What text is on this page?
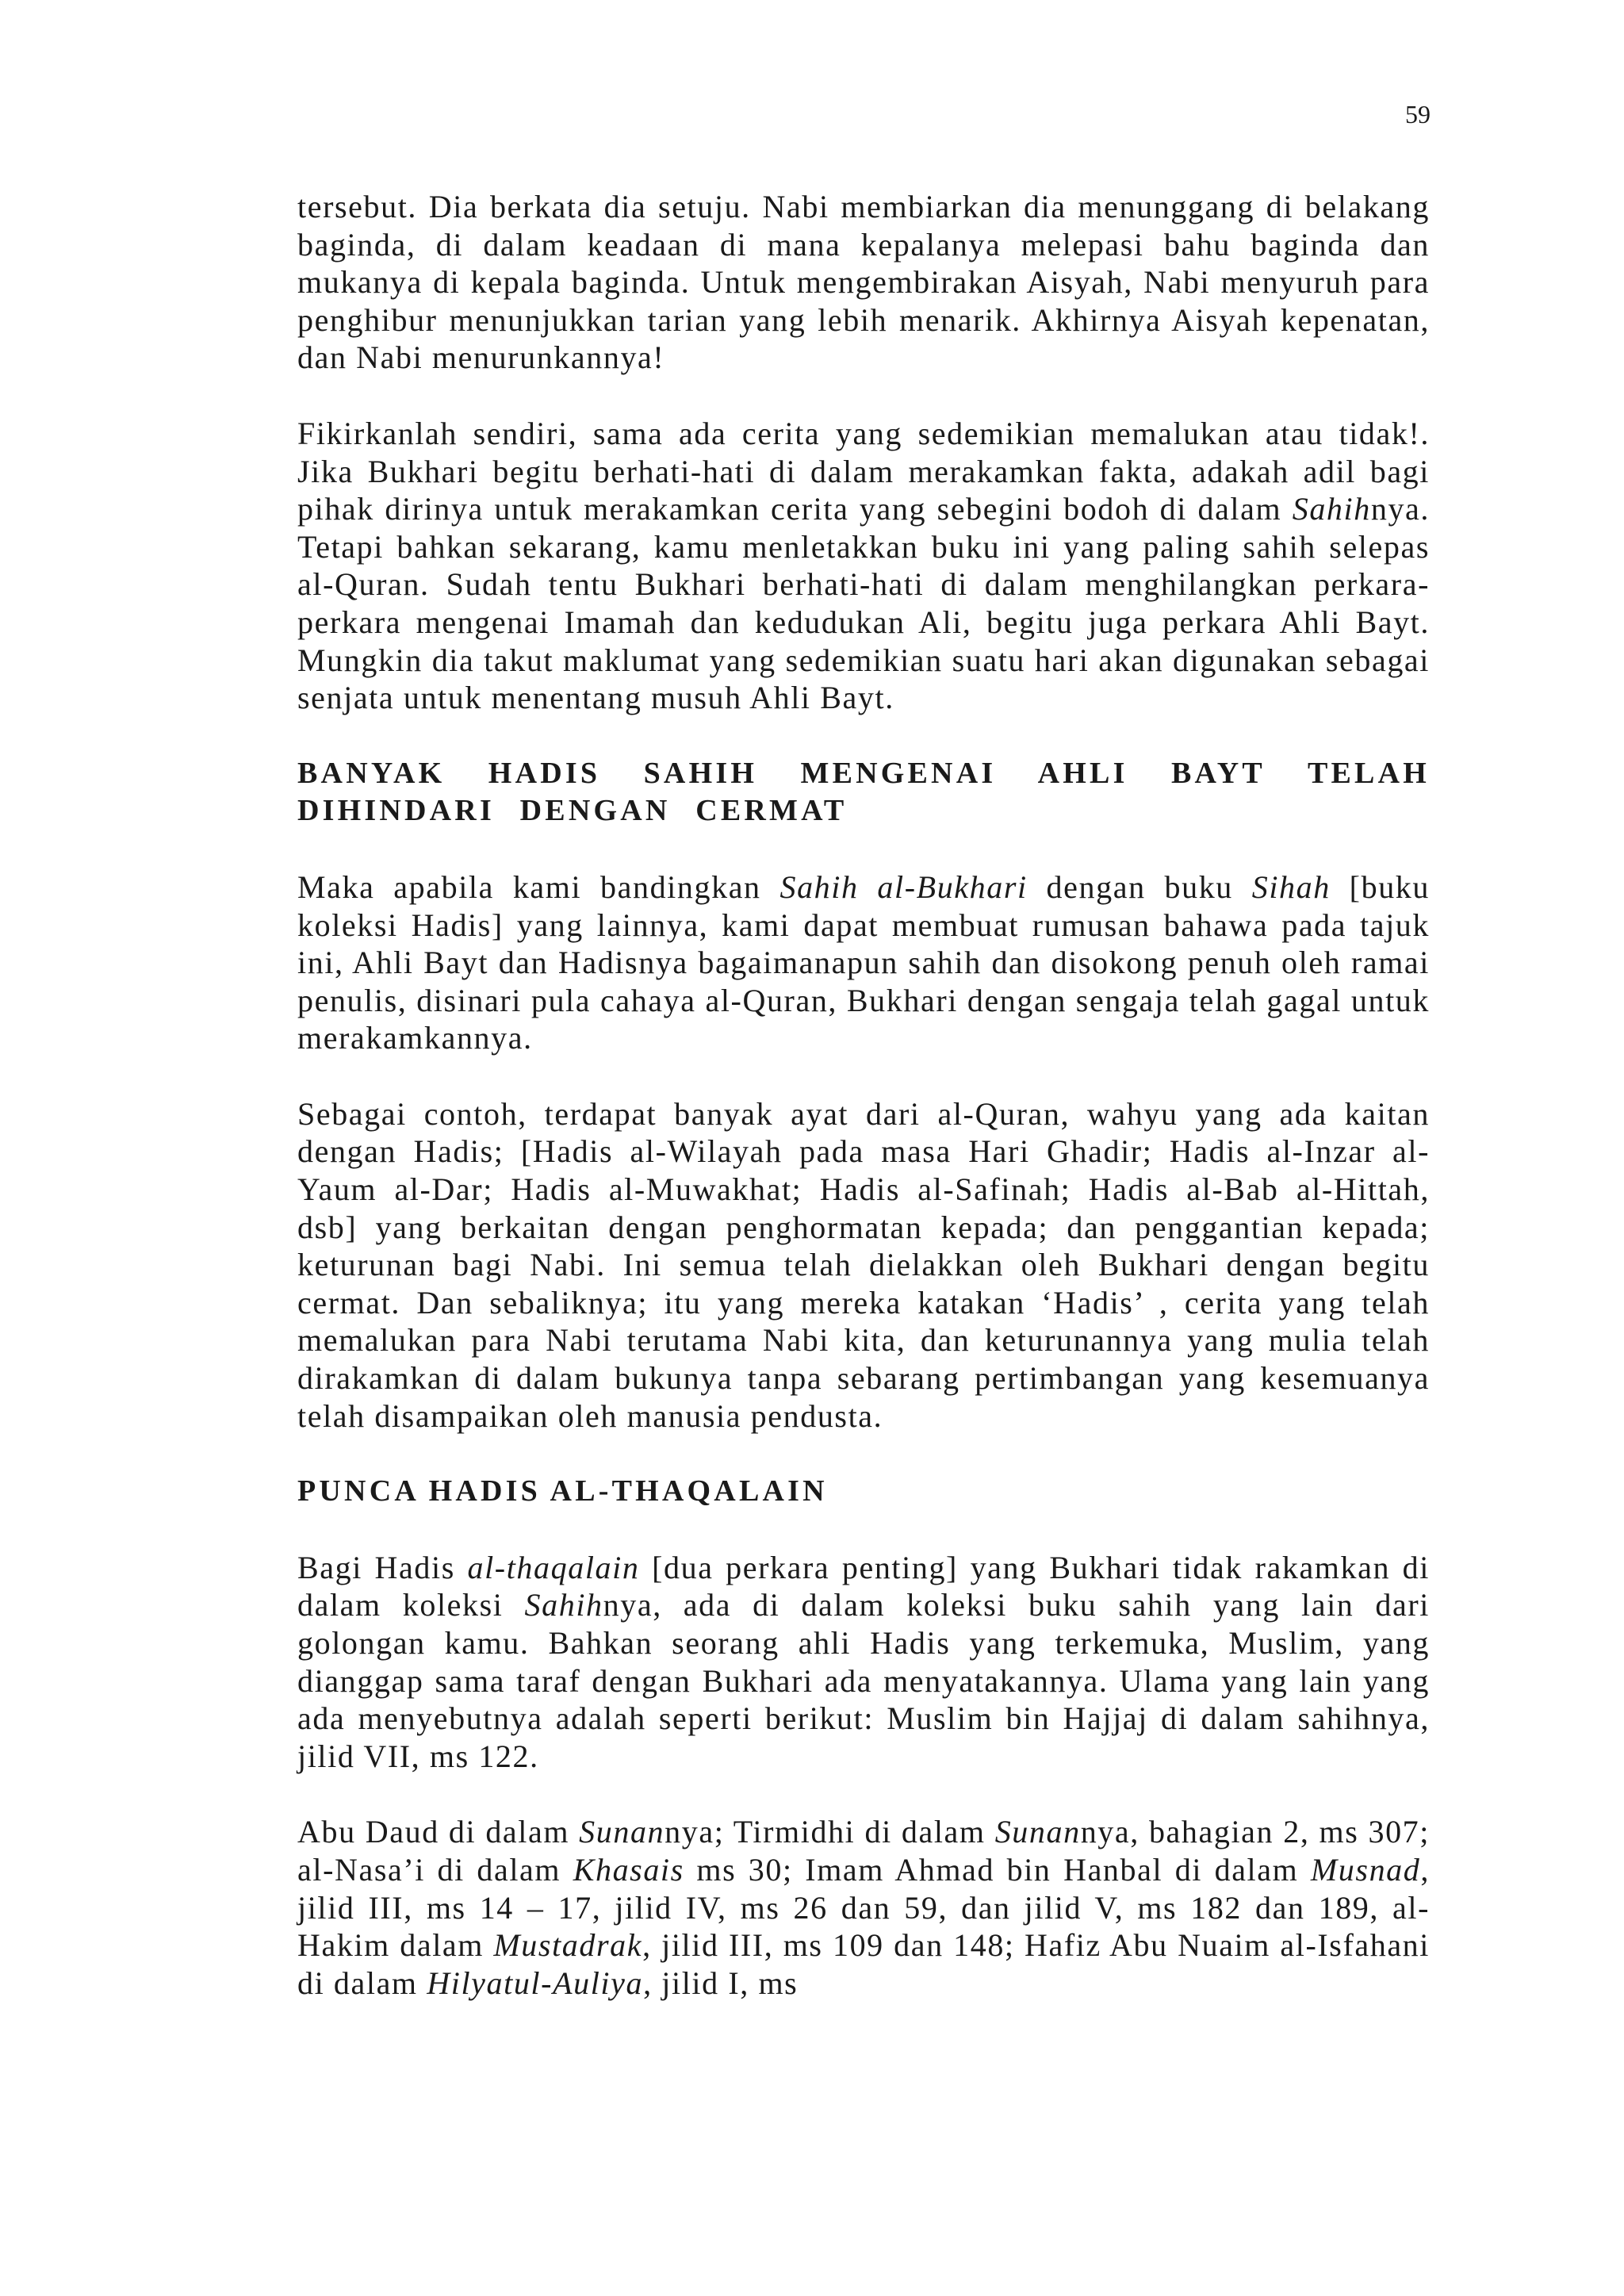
59

tersebut. Dia berkata dia setuju. Nabi membiarkan dia menunggang di belakang baginda, di dalam keadaan di mana kepalanya melepasi bahu baginda dan mukanya di kepala baginda. Untuk mengembirakan Aisyah, Nabi menyuruh para penghibur menunjukkan tarian yang lebih menarik. Akhirnya Aisyah kepenatan, dan Nabi menurunkannya!

Fikirkanlah sendiri, sama ada cerita yang sedemikian memalukan atau tidak!. Jika Bukhari begitu berhati-hati di dalam merakamkan fakta, adakah adil bagi pihak dirinya untuk merakamkan cerita yang sebegini bodoh di dalam Sahihnya. Tetapi bahkan sekarang, kamu menletakkan buku ini yang paling sahih selepas al-Quran. Sudah tentu Bukhari berhati-hati di dalam menghilangkan perkara-perkara mengenai Imamah dan kedudukan Ali, begitu juga perkara Ahli Bayt. Mungkin dia takut maklumat yang sedemikian suatu hari akan digunakan sebagai senjata untuk menentang musuh Ahli Bayt.

BANYAK HADIS SAHIH MENGENAI AHLI BAYT TELAH
DIHINDARI DENGAN CERMAT

Maka apabila kami bandingkan Sahih al-Bukhari dengan buku Sihah [buku koleksi Hadis] yang lainnya, kami dapat membuat rumusan bahawa pada tajuk ini, Ahli Bayt dan Hadisnya bagaimanapun sahih dan disokong penuh oleh ramai penulis, disinari pula cahaya al-Quran, Bukhari dengan sengaja telah gagal untuk merakamkannya.

Sebagai contoh, terdapat banyak ayat dari al-Quran, wahyu yang ada kaitan dengan Hadis; [Hadis al-Wilayah pada masa Hari Ghadir; Hadis al-Inzar al-Yaum al-Dar; Hadis al-Muwakhat; Hadis al-Safinah; Hadis al-Bab al-Hittah, dsb] yang berkaitan dengan penghormatan kepada; dan penggantian kepada; keturunan bagi Nabi. Ini semua telah dielakkan oleh Bukhari dengan begitu cermat. Dan sebaliknya; itu yang mereka katakan ‘Hadis’ , cerita yang telah memalukan para Nabi terutama Nabi kita, dan keturunannya yang mulia telah dirakamkan di dalam bukunya tanpa sebarang pertimbangan yang kesemuanya telah disampaikan oleh manusia pendusta.

PUNCA HADIS AL-THAQALAIN

Bagi Hadis al-thaqalain [dua perkara penting] yang Bukhari tidak rakamkan di dalam koleksi Sahihnya, ada di dalam koleksi buku sahih yang lain dari golongan kamu. Bahkan seorang ahli Hadis yang terkemuka, Muslim, yang dianggap sama taraf dengan Bukhari ada menyatakannya. Ulama yang lain yang ada menyebutnya adalah seperti berikut: Muslim bin Hajjaj di dalam sahihnya, jilid VII, ms 122.

Abu Daud di dalam Sunannya; Tirmidhi di dalam Sunannya, bahagian 2, ms 307; al-Nasa’i di dalam Khasais ms 30; Imam Ahmad bin Hanbal di dalam Musnad, jilid III, ms 14 – 17, jilid IV, ms 26 dan 59, dan jilid V, ms 182 dan 189, al-Hakim dalam Mustadrak, jilid III, ms 109 dan 148; Hafiz Abu Nuaim al-Isfahani di dalam Hilyatul-Auliya, jilid I, ms
